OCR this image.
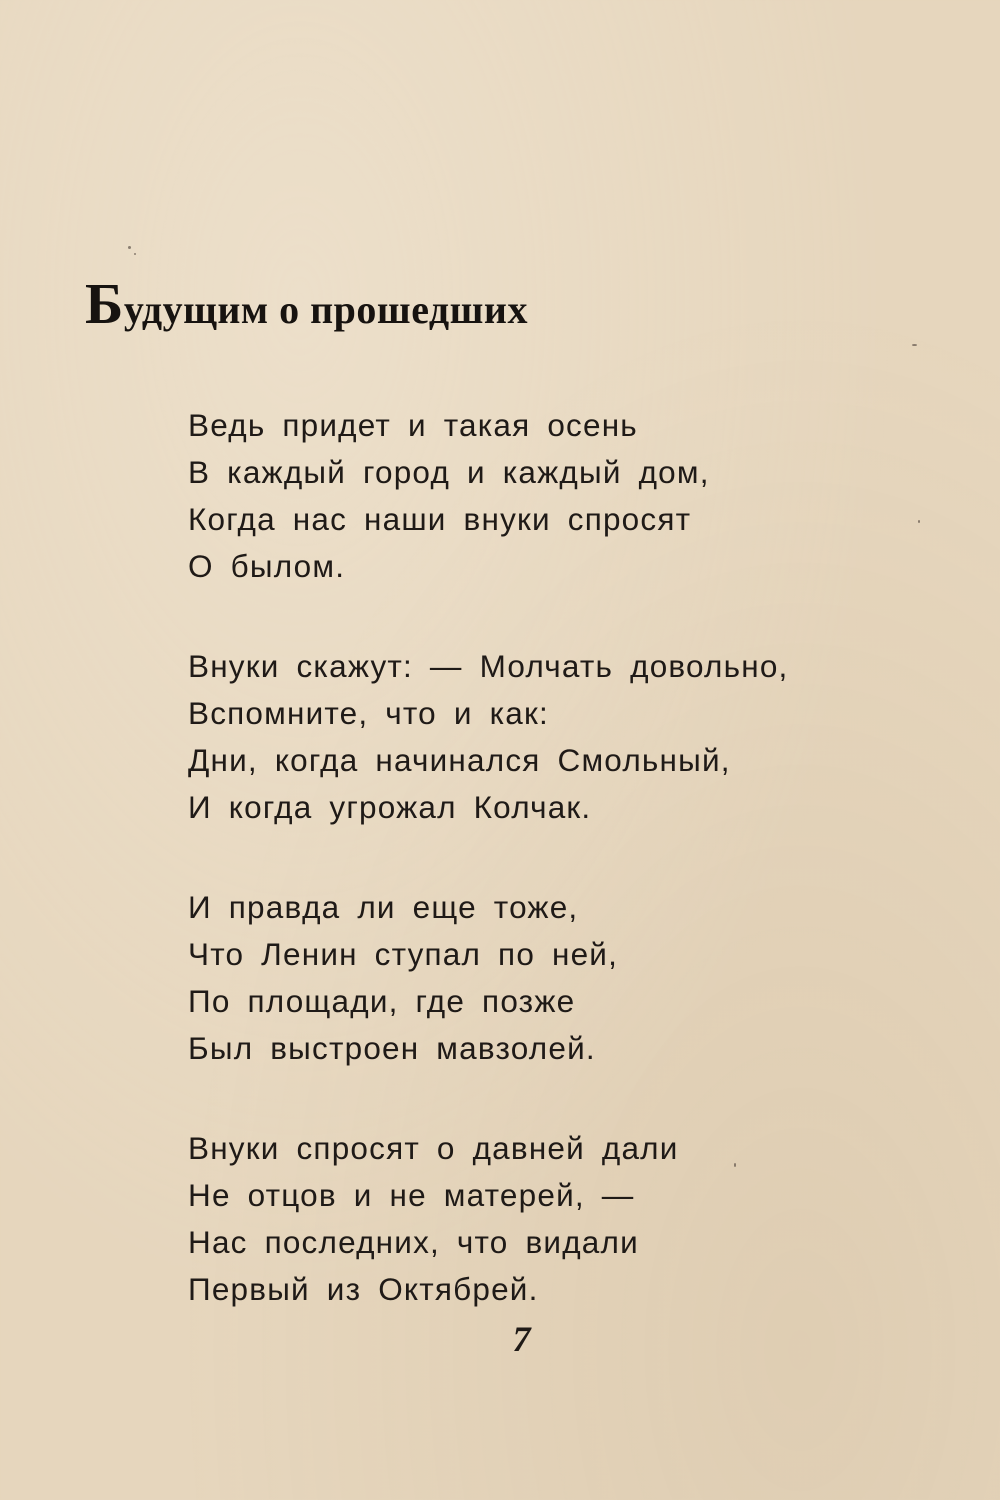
Будущим о прошедших
Ведь придет и такая осень
В каждый город и каждый дом,
Когда нас наши внуки спросят
О былом.
Внуки скажут: — Молчать довольно,
Вспомните, что и как:
Дни, когда начинался Смольный,
И когда угрожал Колчак.
И правда ли еще тоже,
Что Ленин ступал по ней,
По площади, где позже
Был выстроен мавзолей.
Внуки спросят о давней дали
Не отцов и не матерей, —
Нас последних, что видали
Первый из Октябрей.
7
